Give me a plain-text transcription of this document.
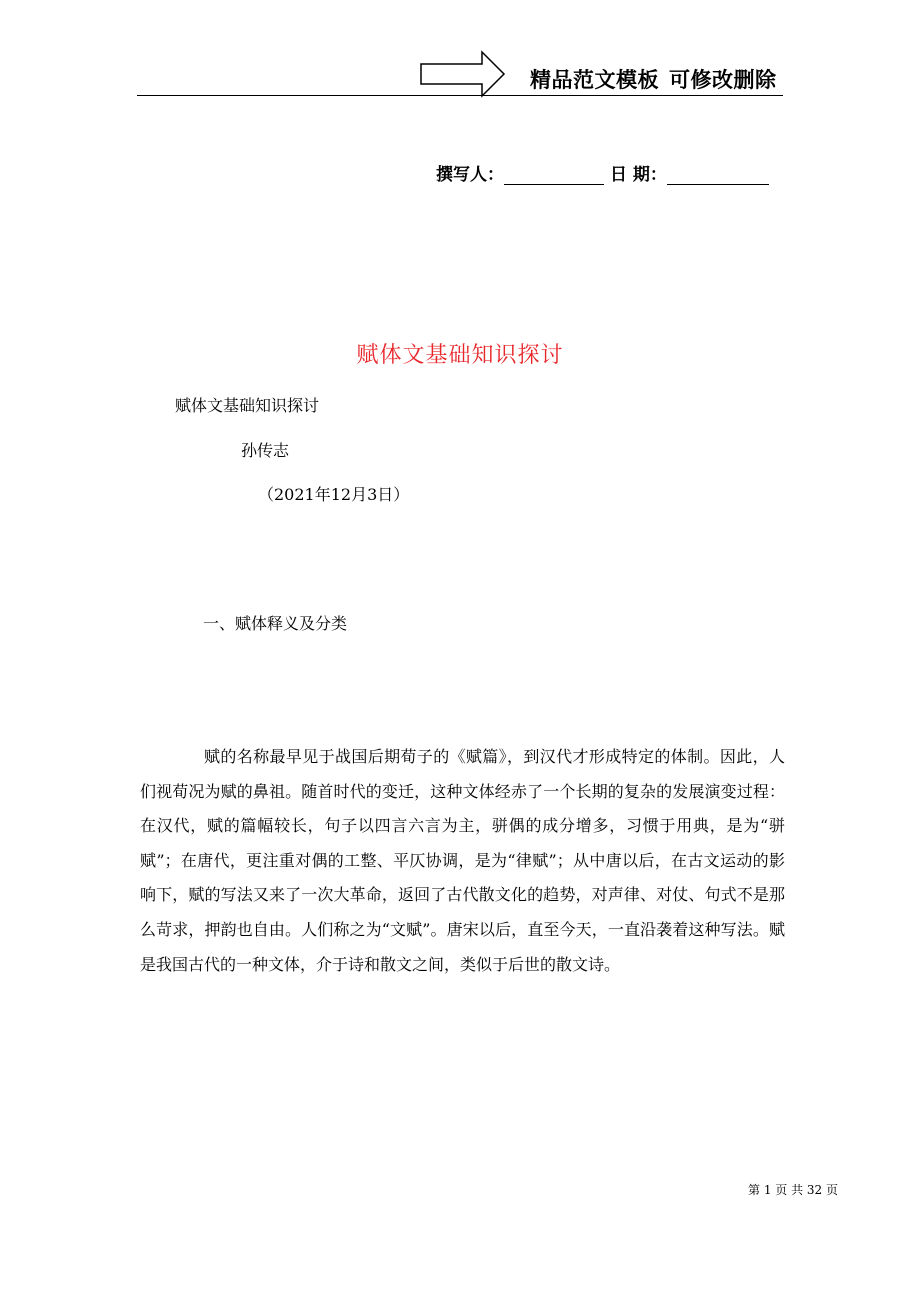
精品范文模板 可修改删除
撰写人：	日 期：
赋体文基础知识探讨
赋体文基础知识探讨
孙传志
（2021年12月3日）
一、赋体释义及分类

赋的名称最早见于战国后期荀子的《赋篇》，到汉代才形成特定的体制。因此，人们视荀况为赋的鼻祖。随首时代的变迁，这种文体经赤了一个长期的复杂的发展演变过程：在汉代，赋的篇幅较长，句子以四言六言为主，骈偶的成分增多，习惯于用典，是为“骈赋”；在唐代，更注重对偶的工整、平仄协调，是为“律赋”；从中唐以后，在古文运动的影响下，赋的写法又来了一次大革命，返回了古代散文化的趋势，对声律、对仗、句式不是那么苛求，押韵也自由。人们称之为“文赋”。唐宋以后，直至今天，一直沿袭着这种写法。赋是我国古代的一种文体，介于诗和散文之间，类似于后世的散文诗。

第 1 页 共 32 页
